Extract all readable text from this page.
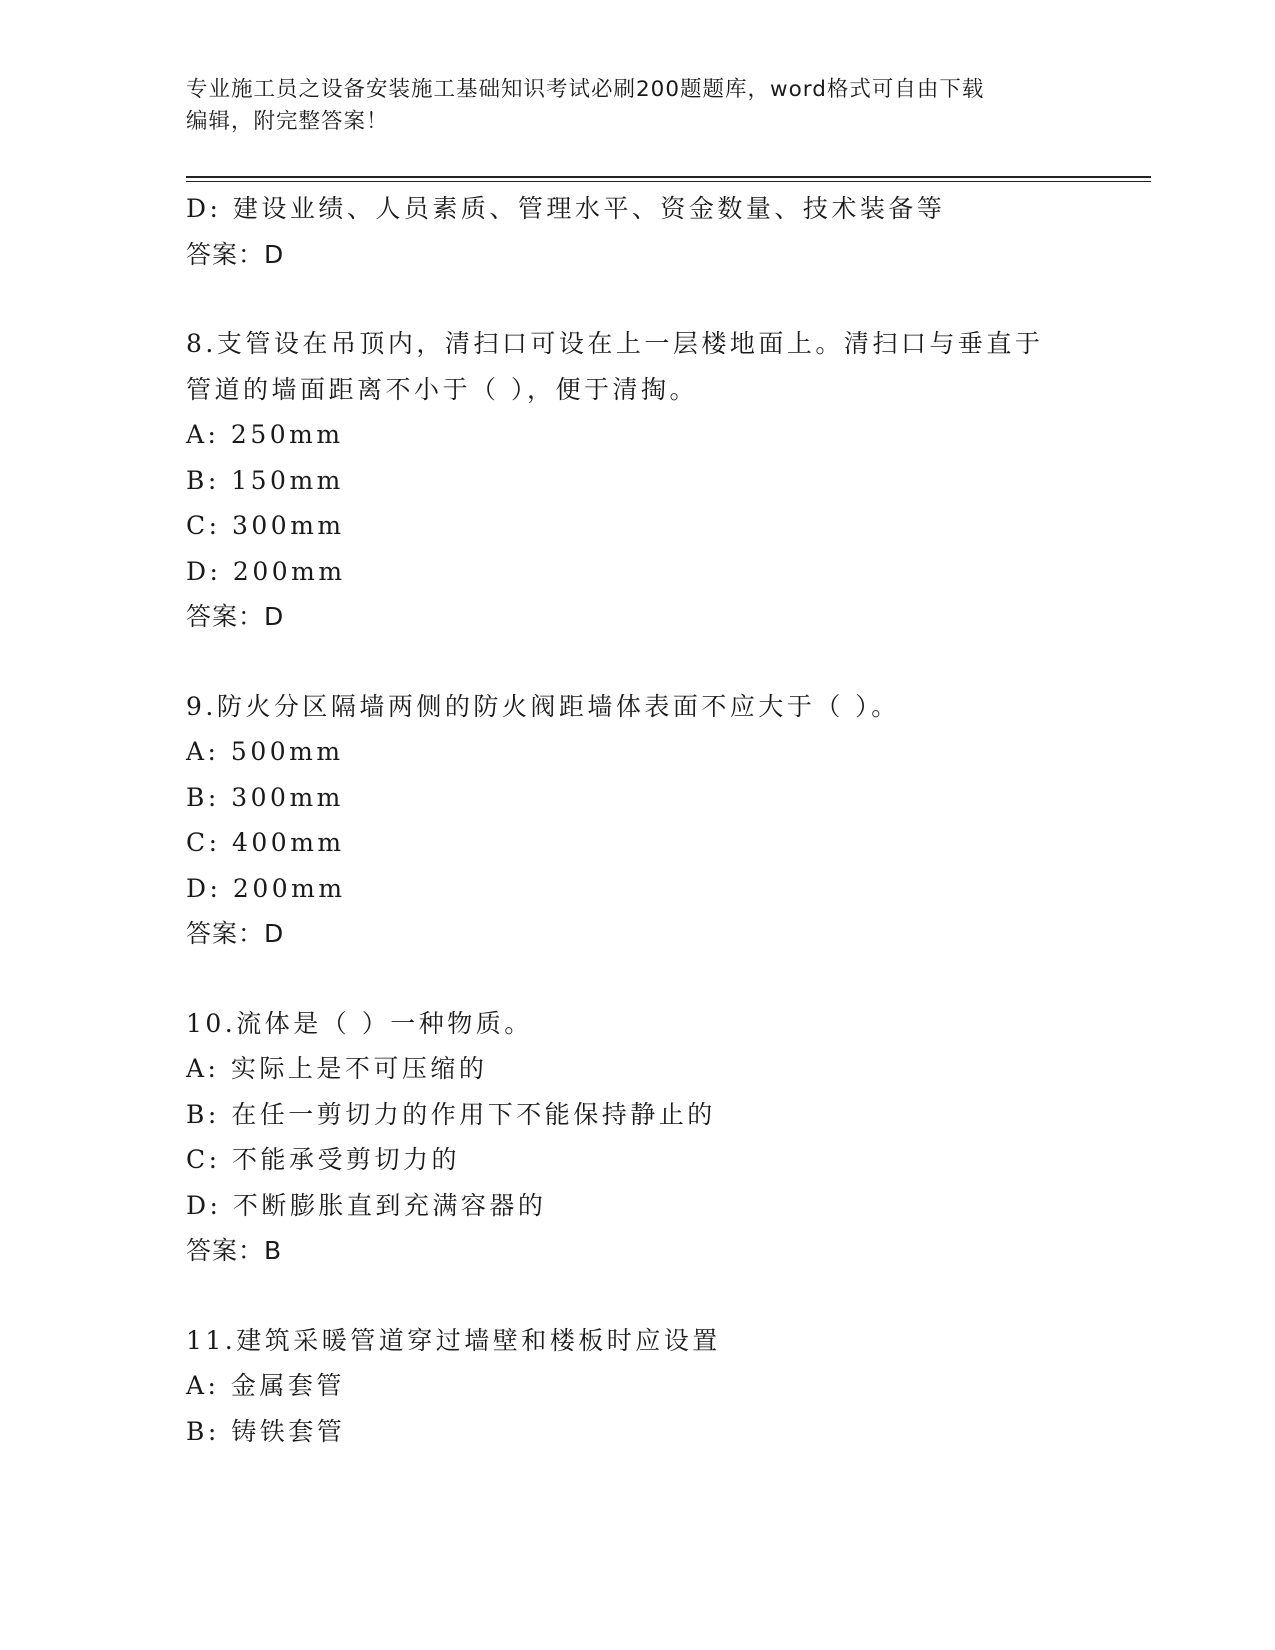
专业施工员之设备安装施工基础知识考试必刷200题题库，word格式可自由下载
编辑，附完整答案！
D: 建设业绩、人员素质、管理水平、资金数量、技术装备等
答案：D
8.支管设在吊顶内，清扫口可设在上一层楼地面上。清扫口与垂直于
管道的墙面距离不小于（ ），便于清掏。
A: 250mm
B: 150mm
C: 300mm
D: 200mm
答案：D
9.防火分区隔墙两侧的防火阀距墙体表面不应大于（ ）。
A: 500mm
B: 300mm
C: 400mm
D: 200mm
答案：D
10.流体是（ ）一种物质。
A: 实际上是不可压缩的
B: 在任一剪切力的作用下不能保持静止的
C: 不能承受剪切力的
D: 不断膨胀直到充满容器的
答案：B
11.建筑采暖管道穿过墙壁和楼板时应设置
A: 金属套管
B: 铸铁套管
